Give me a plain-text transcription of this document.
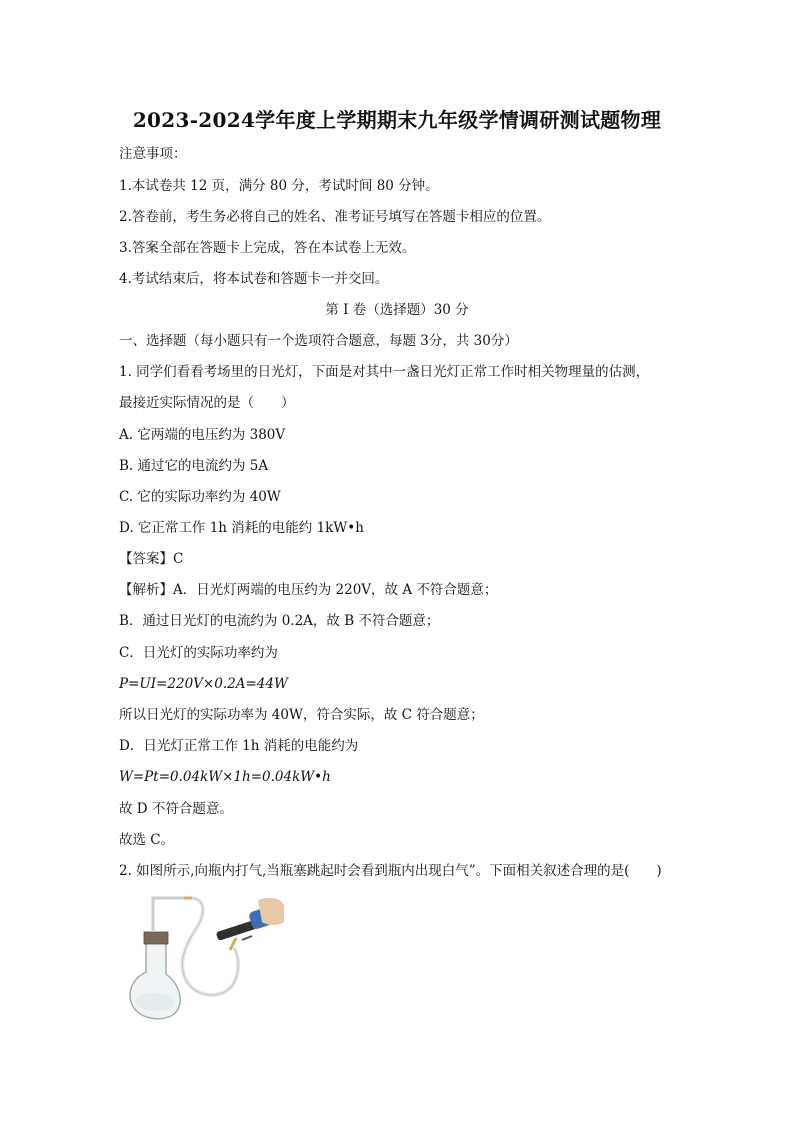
2023-2024学年度上学期期末九年级学情调研测试题物理
注意事项：
1.本试卷共 12 页，满分 80 分，考试时间 80 分钟。
2.答卷前，考生务必将自己的姓名、准考证号填写在答题卡相应的位置。
3.答案全部在答题卡上完成，答在本试卷上无效。
4.考试结束后，将本试卷和答题卡一并交回。
第 I 卷（选择题）30 分
一、选择题（每小题只有一个选项符合题意，每题 3分，共 30分）
1. 同学们看看考场里的日光灯，下面是对其中一盏日光灯正常工作时相关物理量的估测，
最接近实际情况的是（　　）
A. 它两端的电压约为 380V
B. 通过它的电流约为 5A
C. 它的实际功率约为 40W
D. 它正常工作 1h 消耗的电能约 1kW•h
【答案】C
【解析】A．日光灯两端的电压约为 220V，故 A 不符合题意；
B．通过日光灯的电流约为 0.2A，故 B 不符合题意；
C．日光灯的实际功率约为
P=UI=220V×0.2A=44W
所以日光灯的实际功率为 40W，符合实际，故 C 符合题意；
D．日光灯正常工作 1h 消耗的电能约为
W=Pt=0.04kW×1h=0.04kW•h
故 D 不符合题意。
故选 C。
2. 如图所示,向瓶内打气,当瓶塞跳起时会看到瓶内出现白气”。下面相关叙述合理的是(　　)
